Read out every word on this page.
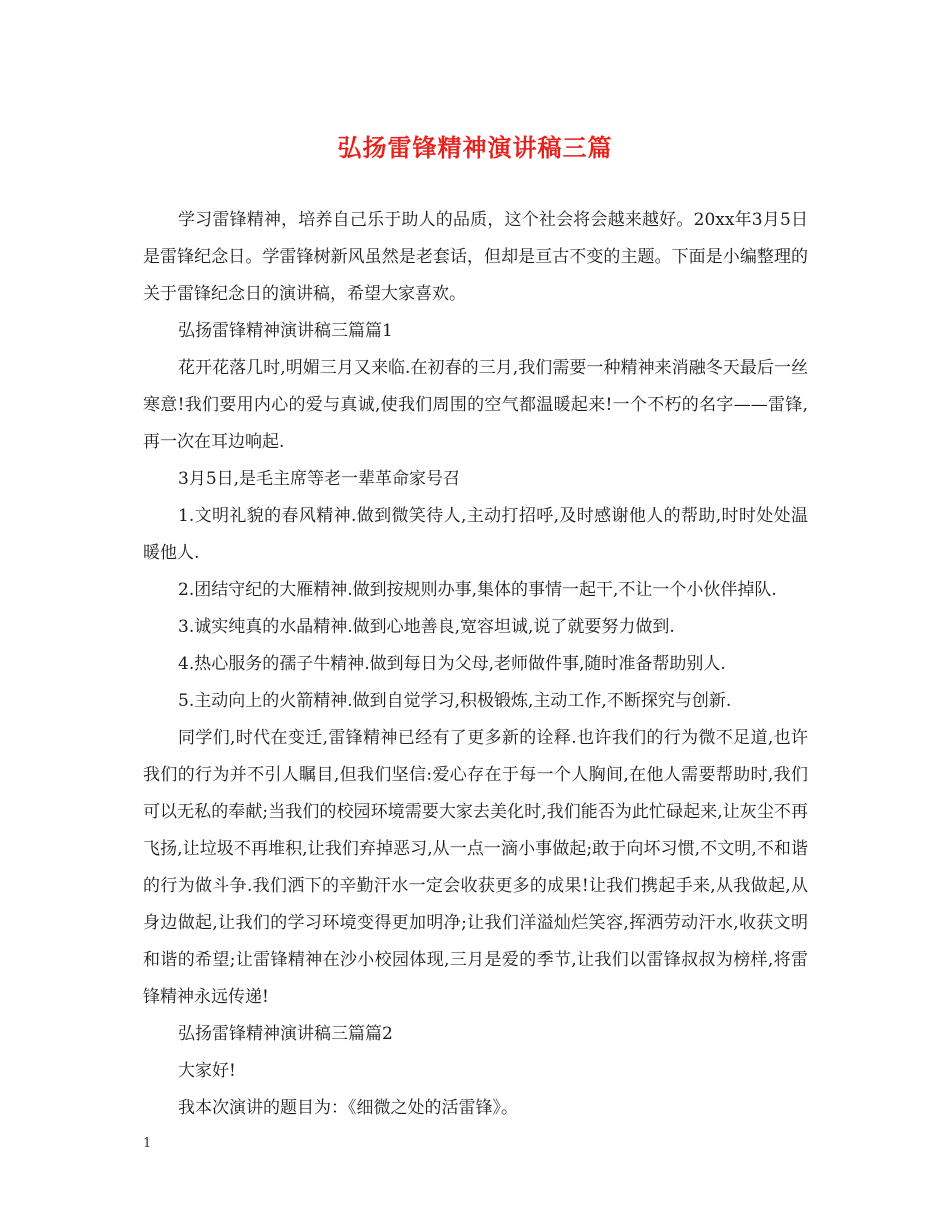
弘扬雷锋精神演讲稿三篇

学习雷锋精神，培养自己乐于助人的品质，这个社会将会越来越好。20xx年3月5日是雷锋纪念日。学雷锋树新风虽然是老套话，但却是亘古不变的主题。下面是小编整理的关于雷锋纪念日的演讲稿，希望大家喜欢。

弘扬雷锋精神演讲稿三篇篇1

花开花落几时,明媚三月又来临.在初春的三月,我们需要一种精神来消融冬天最后一丝寒意!我们要用内心的爱与真诚,使我们周围的空气都温暖起来!一个不朽的名字——雷锋,再一次在耳边响起.

3月5日,是毛主席等老一辈革命家号召

1.文明礼貌的春风精神.做到微笑待人,主动打招呼,及时感谢他人的帮助,时时处处温暖他人.

2.团结守纪的大雁精神.做到按规则办事,集体的事情一起干,不让一个小伙伴掉队.

3.诚实纯真的水晶精神.做到心地善良,宽容坦诚,说了就要努力做到.

4.热心服务的孺子牛精神.做到每日为父母,老师做件事,随时准备帮助别人.

5.主动向上的火箭精神.做到自觉学习,积极锻炼,主动工作,不断探究与创新.

同学们,时代在变迁,雷锋精神已经有了更多新的诠释.也许我们的行为微不足道,也许我们的行为并不引人瞩目,但我们坚信:爱心存在于每一个人胸间,在他人需要帮助时,我们可以无私的奉献;当我们的校园环境需要大家去美化时,我们能否为此忙碌起来,让灰尘不再飞扬,让垃圾不再堆积,让我们弃掉恶习,从一点一滴小事做起;敢于向坏习惯,不文明,不和谐的行为做斗争.我们洒下的辛勤汗水一定会收获更多的成果!让我们携起手来,从我做起,从身边做起,让我们的学习环境变得更加明净;让我们洋溢灿烂笑容,挥洒劳动汗水,收获文明和谐的希望;让雷锋精神在沙小校园体现,三月是爱的季节,让我们以雷锋叔叔为榜样,将雷锋精神永远传递!

弘扬雷锋精神演讲稿三篇篇2

大家好!

我本次演讲的题目为：《细微之处的活雷锋》。

1
